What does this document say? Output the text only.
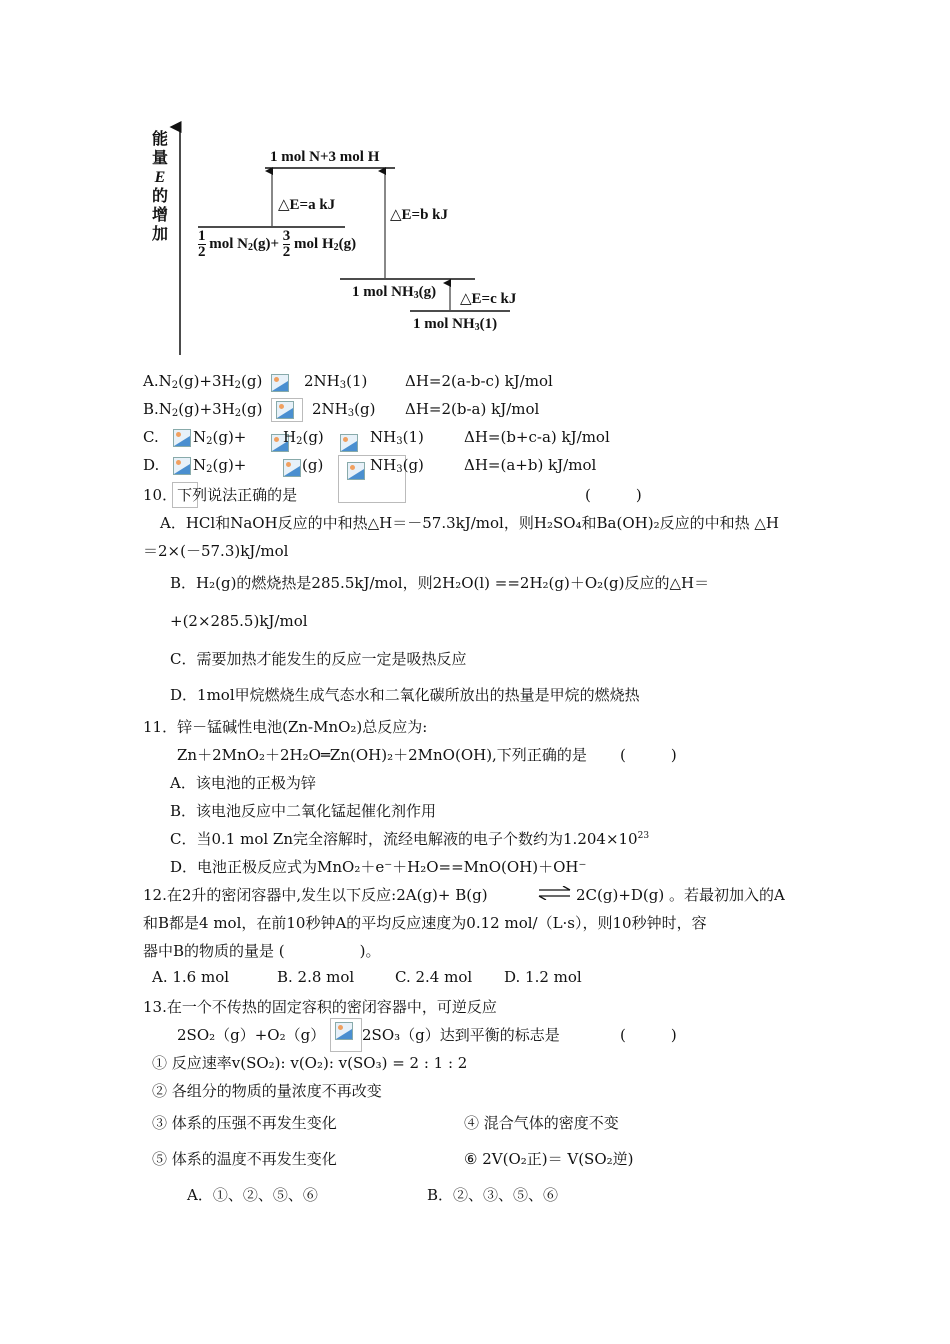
能
量
E
的
增
加
1 mol N+3 mol H
△E=a kJ
△E=b kJ
△E=c kJ
$\frac{1}{2}$ mol $N_2(g)+ \frac{3}{2}$ mol $H_2(g)$
1 mol $NH_3(g)$
1 mol $NH_3(1)$
$A.N_2(g)+3H_2(g)$	$2NH_3(1)$	ΔH=2(a-b-c) kJ/mol
$B.N_2(g)+3H_2(g)$	$2NH_3(g)$ ΔH=2(b-a) kJ/mol
C. $N_2(g)+ H_2(g)$	$NH_3(1)$	ΔH=(b+c-a) kJ/mol
D. $N_2(g)+$	(g)	$NH_3(g)$	ΔH=(a+b) kJ/mol
10．下列说法正确的是	(　　　)
A．HCl和NaOH反应的中和热△H＝－57.3kJ/mol，则H₂SO₄和Ba(OH)₂反应的中和热 △H
＝2×(－57.3)kJ/mol
B．H₂(g)的燃烧热是285.5kJ/mol，则2H₂O(l) ==2H₂(g)＋O₂(g)反应的△H＝
+(2×285.5)kJ/mol
C．需要加热才能发生的反应一定是吸热反应
D．1mol甲烷燃烧生成气态水和二氧化碳所放出的热量是甲烷的燃烧热
11．锌－锰碱性电池(Zn-MnO₂)总反应为:
Zn＋2MnO₂＋2H₂O═Zn(OH)₂＋2MnO(OH),下列正确的是 (　　　)
A．该电池的正极为锌
B．该电池反应中二氧化锰起催化剂作用
C．当0.1 mol Zn完全溶解时，流经电解液的电子个数约为$1.204\times 10^{23}$
D．电池正极反应式为MnO₂＋e⁻＋H₂O==MnO(OH)＋OH⁻
12.在2升的密闭容器中,发生以下反应:2A(g)+ B(g)	⇌ 2C(g)+D(g) 。若最初加入的A
和B都是4 mol，在前10秒钟A的平均反应速度为0.12 mol/（L·s），则10秒钟时，容
器中B的物质的量是 (　　　　　)。
A. 1.6 mol	B. 2.8 mol	C. 2.4 mol D. 1.2 mol
13.在一个不传热的固定容积的密闭容器中，可逆反应
2SO₂（g）+O₂（g） 2SO₃（g）达到平衡的标志是	(　　　)
① 反应速率v(SO₂): v(O₂): v(SO₃) = 2 : 1 : 2
② 各组分的物质的量浓度不再改变
③ 体系的压强不再发生变化	④ 混合气体的密度不变
⑤ 体系的温度不再发生变化	⑥ 2V(O₂正)＝ V(SO₂逆)
A．①、②、⑤、⑥	B．②、③、⑤、⑥
